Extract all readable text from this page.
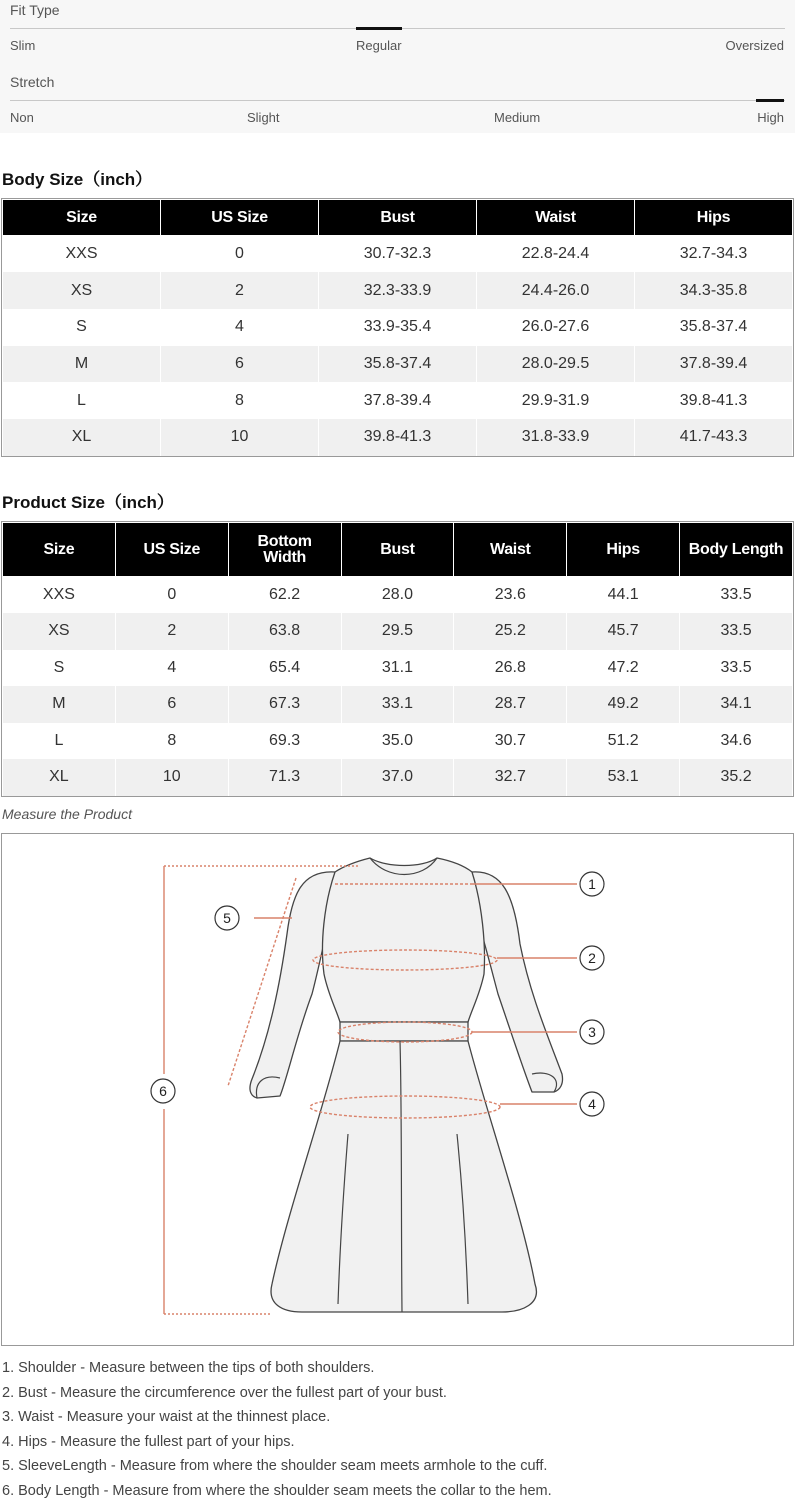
Fit Type
Slim	Regular	Oversized
Stretch
Non	Slight	Medium	High
Body Size（inch）
Size	US Size	Bust	Waist	Hips
XXS	0	30.7-32.3	22.8-24.4	32.7-34.3
XS	2	32.3-33.9	24.4-26.0	34.3-35.8
S	4	33.9-35.4	26.0-27.6	35.8-37.4
M	6	35.8-37.4	28.0-29.5	37.8-39.4
L	8	37.8-39.4	29.9-31.9	39.8-41.3
XL	10	39.8-41.3	31.8-33.9	41.7-43.3
Product Size（inch）
Size	US Size	Bottom Width	Bust	Waist	Hips	Body Length
XXS	0	62.2	28.0	23.6	44.1	33.5
XS	2	63.8	29.5	25.2	45.7	33.5
S	4	65.4	31.1	26.8	47.2	33.5
M	6	67.3	33.1	28.7	49.2	34.1
L	8	69.3	35.0	30.7	51.2	34.6
XL	10	71.3	37.0	32.7	53.1	35.2
Measure the Product
1
2
3
4
5
6
1. Shoulder - Measure between the tips of both shoulders.
2. Bust - Measure the circumference over the fullest part of your bust.
3. Waist - Measure your waist at the thinnest place.
4. Hips - Measure the fullest part of your hips.
5. SleeveLength - Measure from where the shoulder seam meets armhole to the cuff.
6. Body Length - Measure from where the shoulder seam meets the collar to the hem.
